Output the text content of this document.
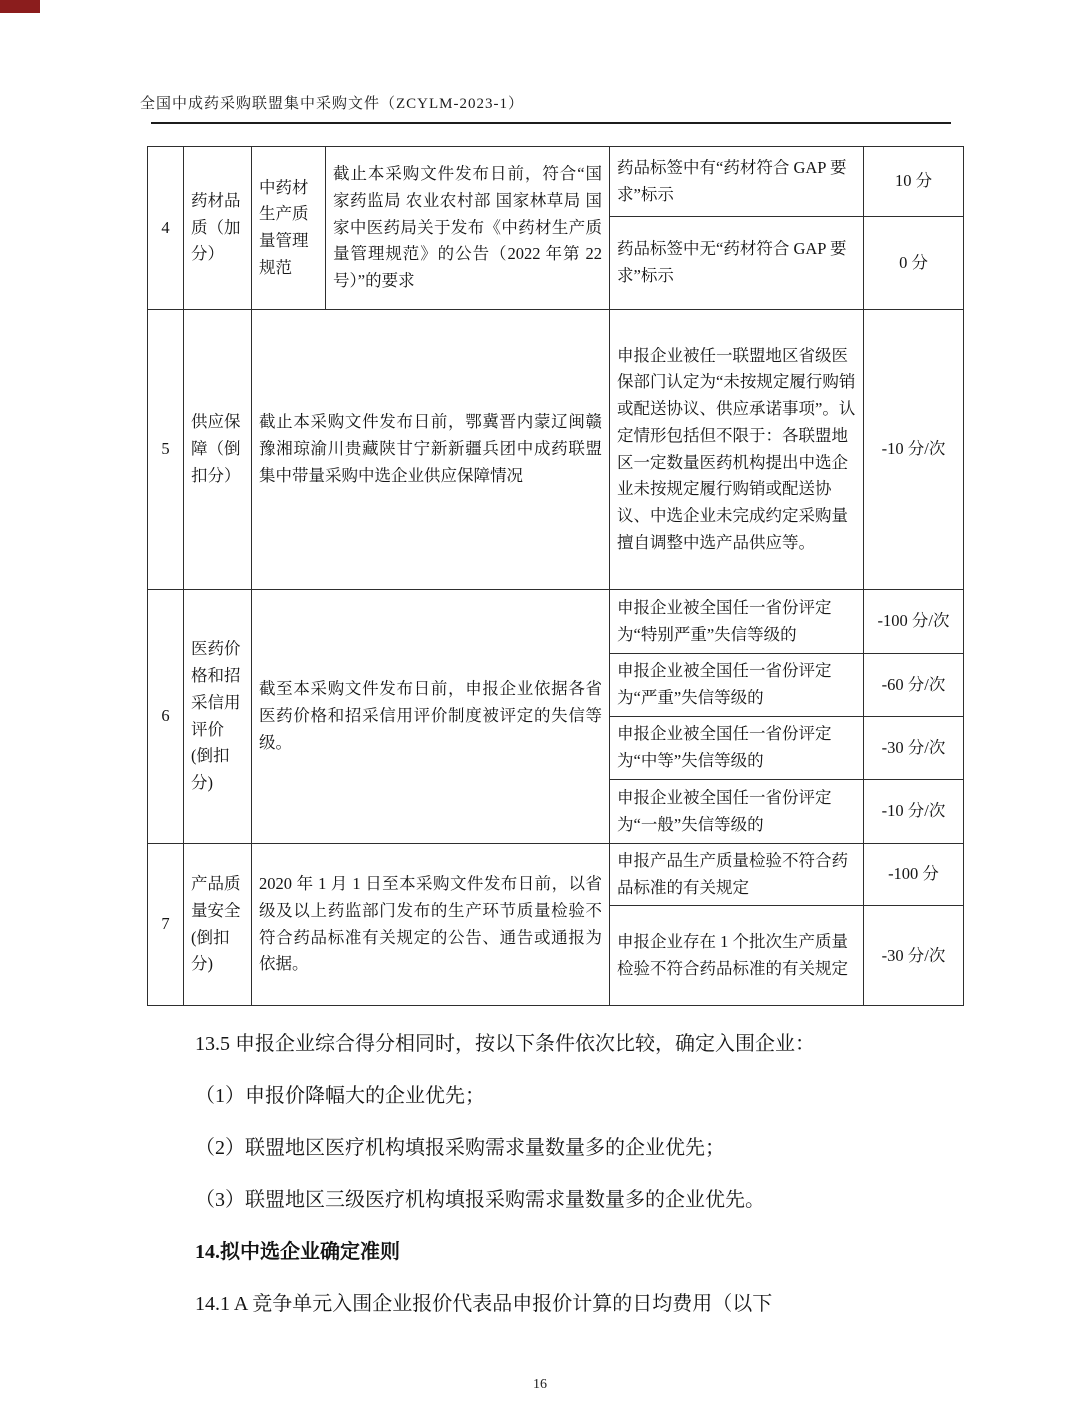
全国中成药采购联盟集中采购文件（ZCYLM-2023-1）
4	药材品质（加分）	中药材生产质量管理规范	截止本采购文件发布日前，符合“国家药监局 农业农村部 国家林草局 国家中医药局关于发布《中药材生产质量管理规范》的公告（2022 年第 22 号）”的要求	药品标签中有“药材符合 GAP 要求”标示	10 分
				药品标签中无“药材符合 GAP 要求”标示	0 分
5	供应保障（倒扣分）	截止本采购文件发布日前，鄂冀晋内蒙辽闽赣豫湘琼渝川贵藏陕甘宁新新疆兵团中成药联盟集中带量采购中选企业供应保障情况		申报企业被任一联盟地区省级医保部门认定为“未按规定履行购销或配送协议、供应承诺事项”。认定情形包括但不限于：各联盟地区一定数量医药机构提出中选企业未按规定履行购销或配送协议、中选企业未完成约定采购量擅自调整中选产品供应等。	-10 分/次
6	医药价格和招采信用评价(倒扣分)	截至本采购文件发布日前，申报企业依据各省医药价格和招采信用评价制度被评定的失信等级。		申报企业被全国任一省份评定为“特别严重”失信等级的	-100 分/次
				申报企业被全国任一省份评定为“严重”失信等级的	-60 分/次
				申报企业被全国任一省份评定为“中等”失信等级的	-30 分/次
				申报企业被全国任一省份评定为“一般”失信等级的	-10 分/次
7	产品质量安全(倒扣分)	2020 年 1 月 1 日至本采购文件发布日前，以省级及以上药监部门发布的生产环节质量检验不符合药品标准有关规定的公告、通告或通报为依据。		申报产品生产质量检验不符合药品标准的有关规定	-100 分
				申报企业存在 1 个批次生产质量检验不符合药品标准的有关规定	-30 分/次

13.5 申报企业综合得分相同时，按以下条件依次比较，确定入围企业：

（1）申报价降幅大的企业优先；

（2）联盟地区医疗机构填报采购需求量数量多的企业优先；

（3）联盟地区三级医疗机构填报采购需求量数量多的企业优先。

14.拟中选企业确定准则

14.1 A 竞争单元入围企业报价代表品申报价计算的日均费用（以下

16
